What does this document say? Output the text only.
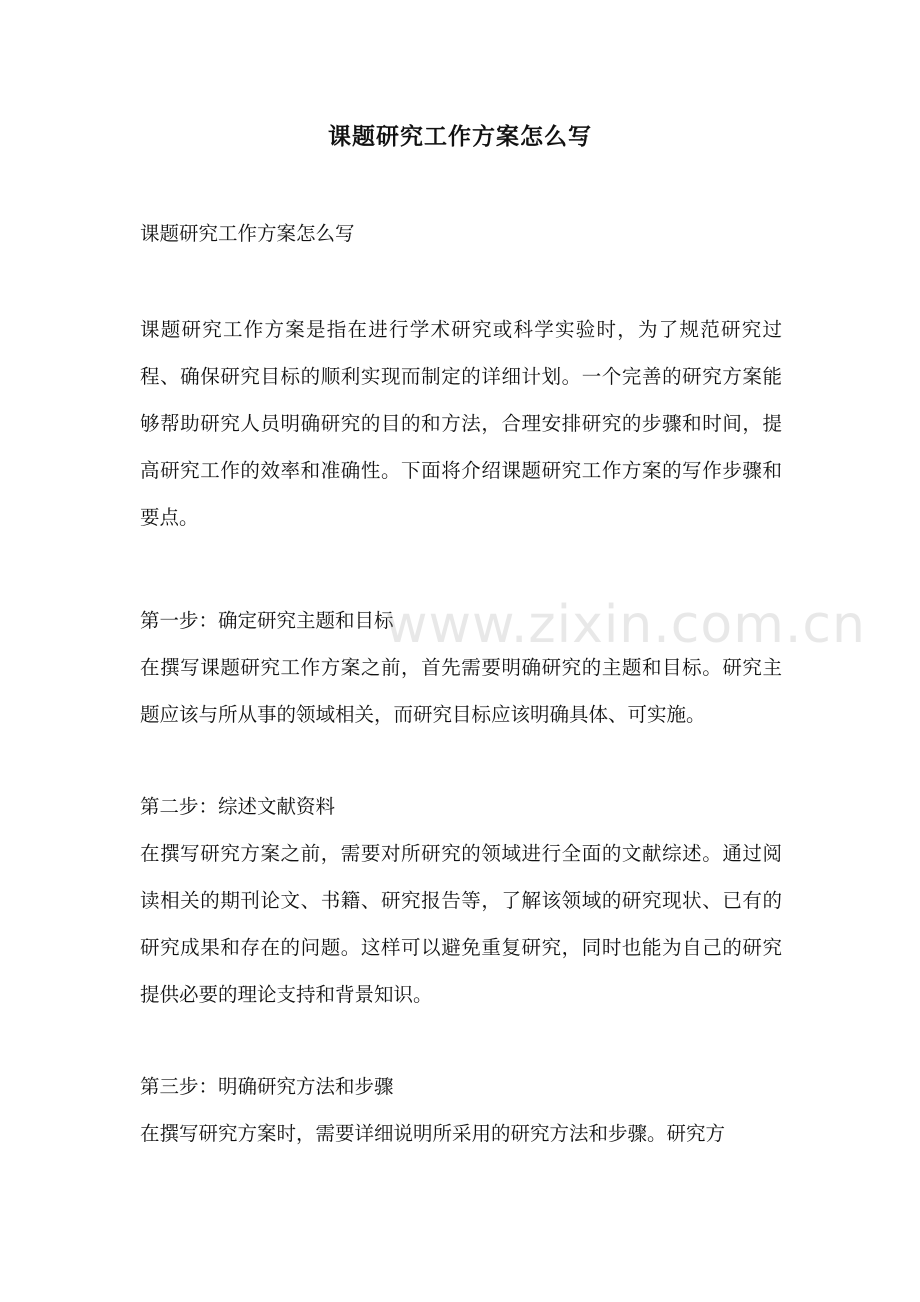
课题研究工作方案怎么写
课题研究工作方案怎么写
课题研究工作方案是指在进行学术研究或科学实验时，为了规范研究过程、确保研究目标的顺利实现而制定的详细计划。一个完善的研究方案能够帮助研究人员明确研究的目的和方法，合理安排研究的步骤和时间，提高研究工作的效率和准确性。下面将介绍课题研究工作方案的写作步骤和要点。
第一步：确定研究主题和目标
在撰写课题研究工作方案之前，首先需要明确研究的主题和目标。研究主题应该与所从事的领域相关，而研究目标应该明确具体、可实施。
第二步：综述文献资料
在撰写研究方案之前，需要对所研究的领域进行全面的文献综述。通过阅读相关的期刊论文、书籍、研究报告等，了解该领域的研究现状、已有的研究成果和存在的问题。这样可以避免重复研究，同时也能为自己的研究提供必要的理论支持和背景知识。
第三步：明确研究方法和步骤
在撰写研究方案时，需要详细说明所采用的研究方法和步骤。研究方
www.zixin.com.cn
